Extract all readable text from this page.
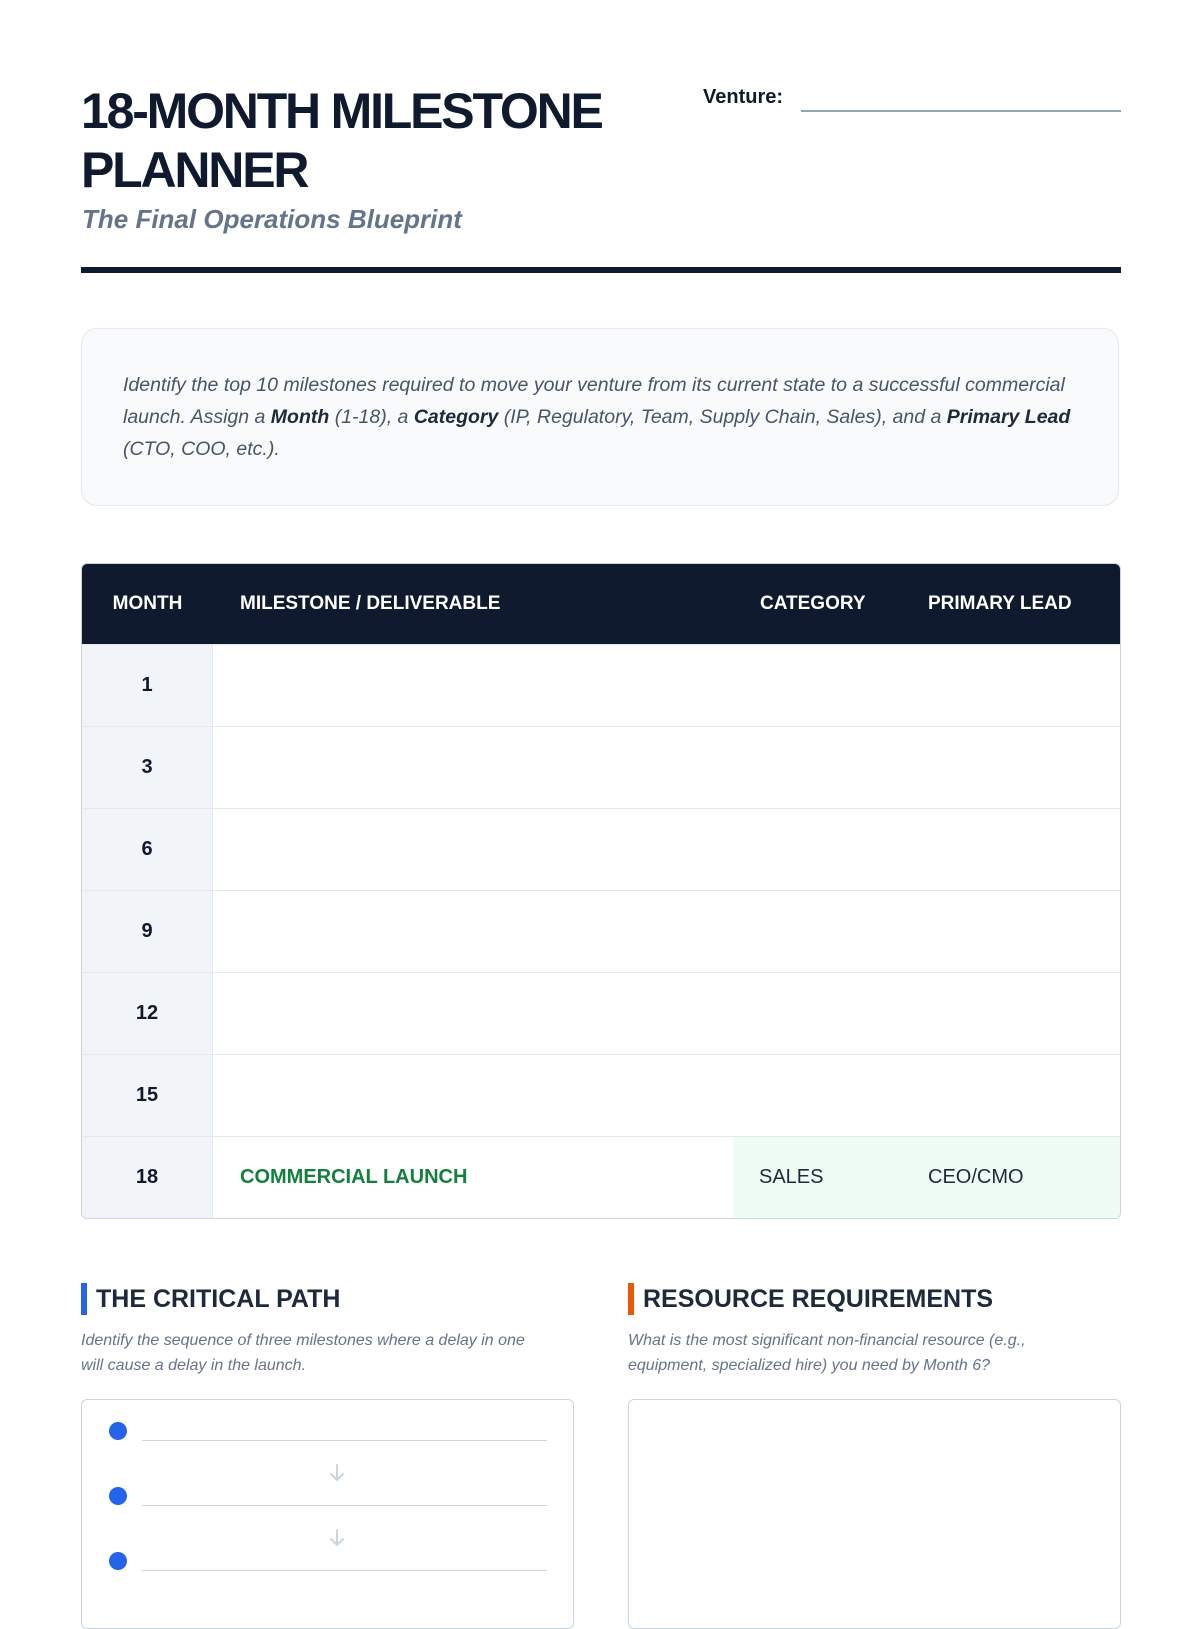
18-MONTH MILESTONE PLANNER

The Final Operations Blueprint

Venture:

Identify the top 10 milestones required to move your venture from its current state to a successful commercial launch. Assign a Month (1-18), a Category (IP, Regulatory, Team, Supply Chain, Sales), and a Primary Lead (CTO, COO, etc.).

MONTH	MILESTONE / DELIVERABLE	CATEGORY	PRIMARY LEAD
1
3
6
9
12
15
18	COMMERCIAL LAUNCH	SALES	CEO/CMO
THE CRITICAL PATH

Identify the sequence of three milestones where a delay in one will cause a delay in the launch.

RESOURCE REQUIREMENTS

What is the most significant non-financial resource (e.g., equipment, specialized hire) you need by Month 6?
